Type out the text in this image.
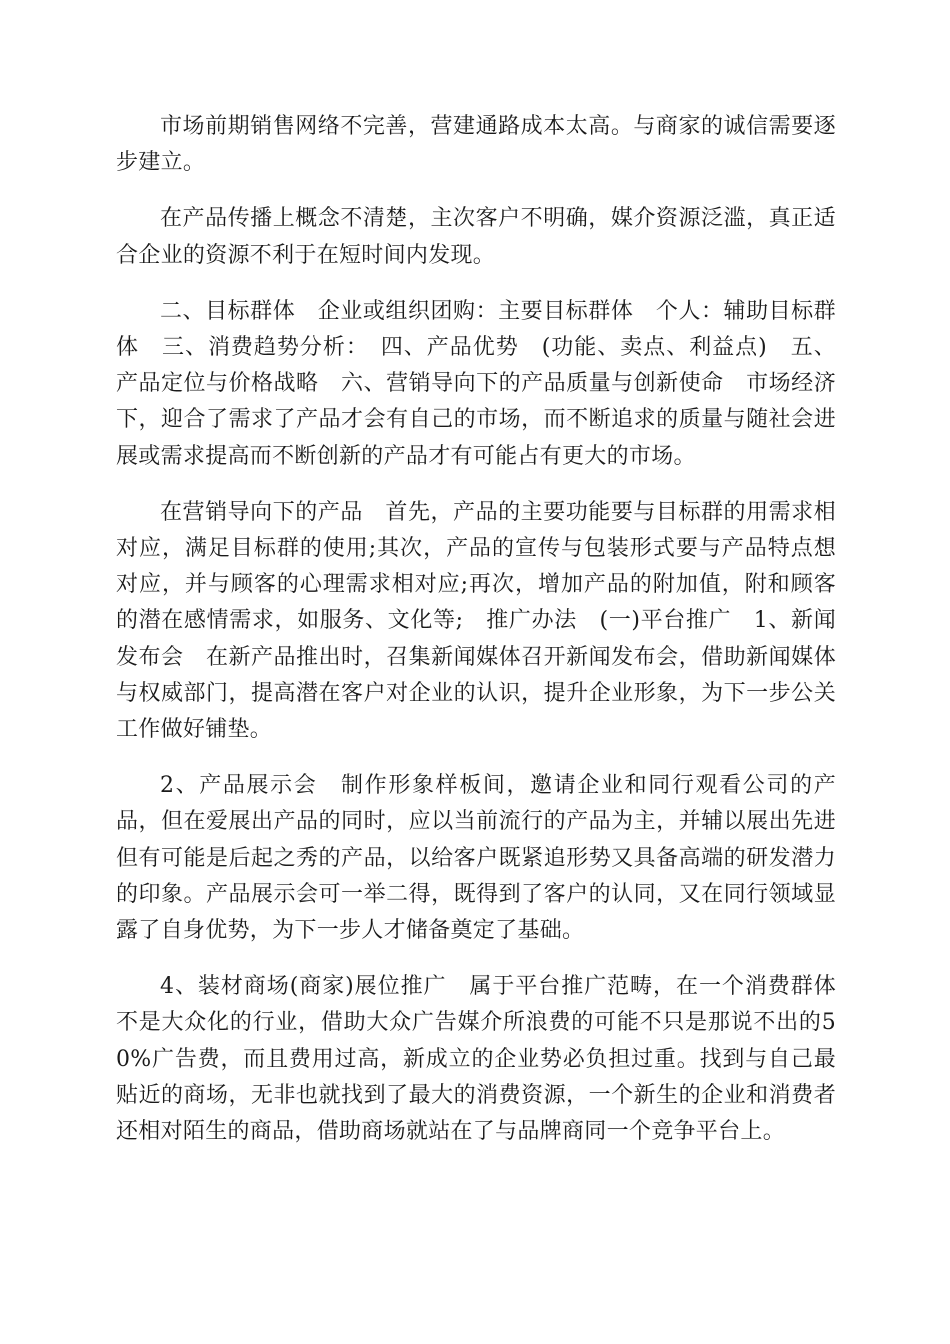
市场前期销售网络不完善，营建通路成本太高。与商家的诚信需要逐步建立。

在产品传播上概念不清楚，主次客户不明确，媒介资源泛滥，真正适合企业的资源不利于在短时间内发现。

二、目标群体　企业或组织团购：主要目标群体　个人：辅助目标群体　三、消费趋势分析：　四、产品优势　(功能、卖点、利益点)　五、产品定位与价格战略　六、营销导向下的产品质量与创新使命　市场经济下，迎合了需求了产品才会有自己的市场，而不断追求的质量与随社会进展或需求提高而不断创新的产品才有可能占有更大的市场。

在营销导向下的产品　首先，产品的主要功能要与目标群的用需求相对应，满足目标群的使用;其次，产品的宣传与包装形式要与产品特点想对应，并与顾客的心理需求相对应;再次，增加产品的附加值，附和顾客的潜在感情需求，如服务、文化等;　推广办法　(一)平台推广　1、新闻发布会　在新产品推出时，召集新闻媒体召开新闻发布会，借助新闻媒体与权威部门，提高潜在客户对企业的认识，提升企业形象，为下一步公关工作做好铺垫。

2、产品展示会　制作形象样板间，邀请企业和同行观看公司的产品，但在爱展出产品的同时，应以当前流行的产品为主，并辅以展出先进但有可能是后起之秀的产品，以给客户既紧追形势又具备高端的研发潜力的印象。产品展示会可一举二得，既得到了客户的认同，又在同行领域显露了自身优势，为下一步人才储备奠定了基础。

4、装材商场(商家)展位推广　属于平台推广范畴，在一个消费群体不是大众化的行业，借助大众广告媒介所浪费的可能不只是那说不出的50%广告费，而且费用过高，新成立的企业势必负担过重。找到与自己最贴近的商场，无非也就找到了最大的消费资源，一个新生的企业和消费者还相对陌生的商品，借助商场就站在了与品牌商同一个竞争平台上。
